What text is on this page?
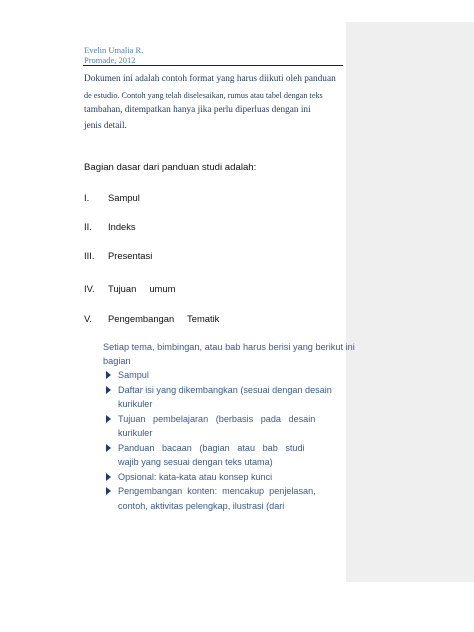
Evelin Umalia R.
Promade, 2012
Dokumen ini adalah contoh format yang harus diikuti oleh panduan
de estudio. Contoh yang telah diselesaikan, rumus atau tabel dengan teks
tambahan, ditempatkan hanya jika perlu diperluas dengan ini
jenis detail.
Bagian dasar dari panduan studi adalah:
I. Sampul
II. Indeks
III. Presentasi
IV. Tujuan     umum
V. Pengembangan     Tematik
Setiap tema, bimbingan, atau bab harus berisi yang berikut ini
bagian
Sampul
Daftar isi yang dikembangkan (sesuai dengan desain
kurikuler
Tujuan   pembelajaran   (berbasis   pada   desain
kurikuler
Panduan   bacaan   (bagian   atau   bab   studi
wajib yang sesuai dengan teks utama)
Opsional: kata-kata atau konsep kunci
Pengembangan  konten:  mencakup  penjelasan,
contoh, aktivitas pelengkap, ilustrasi (dari
